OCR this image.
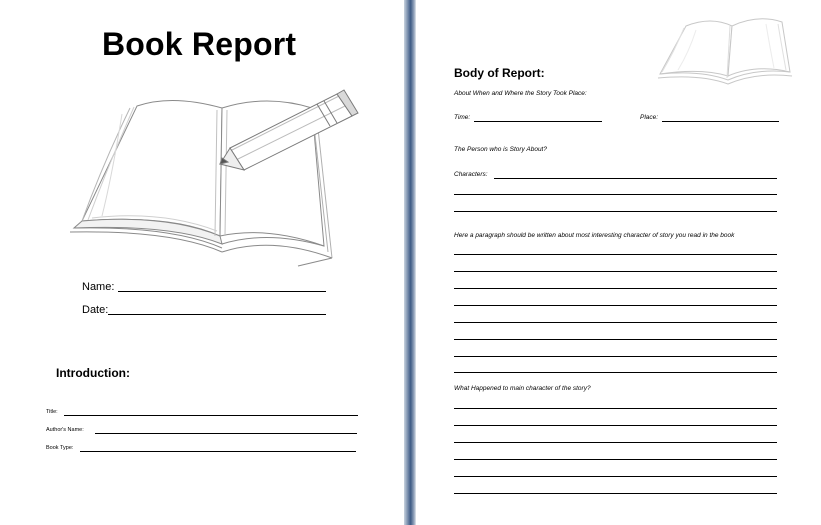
Book Report
Name:
Date:
Introduction:
Title:
Author's Name:
Book Type:
Body of Report:
About When and Where the Story Took Place:
Time:	Place:
The Person who is Story About?
Characters:
Here a paragraph should be written about most interesting character of story you read in the book
What Happened to main character of the story?
